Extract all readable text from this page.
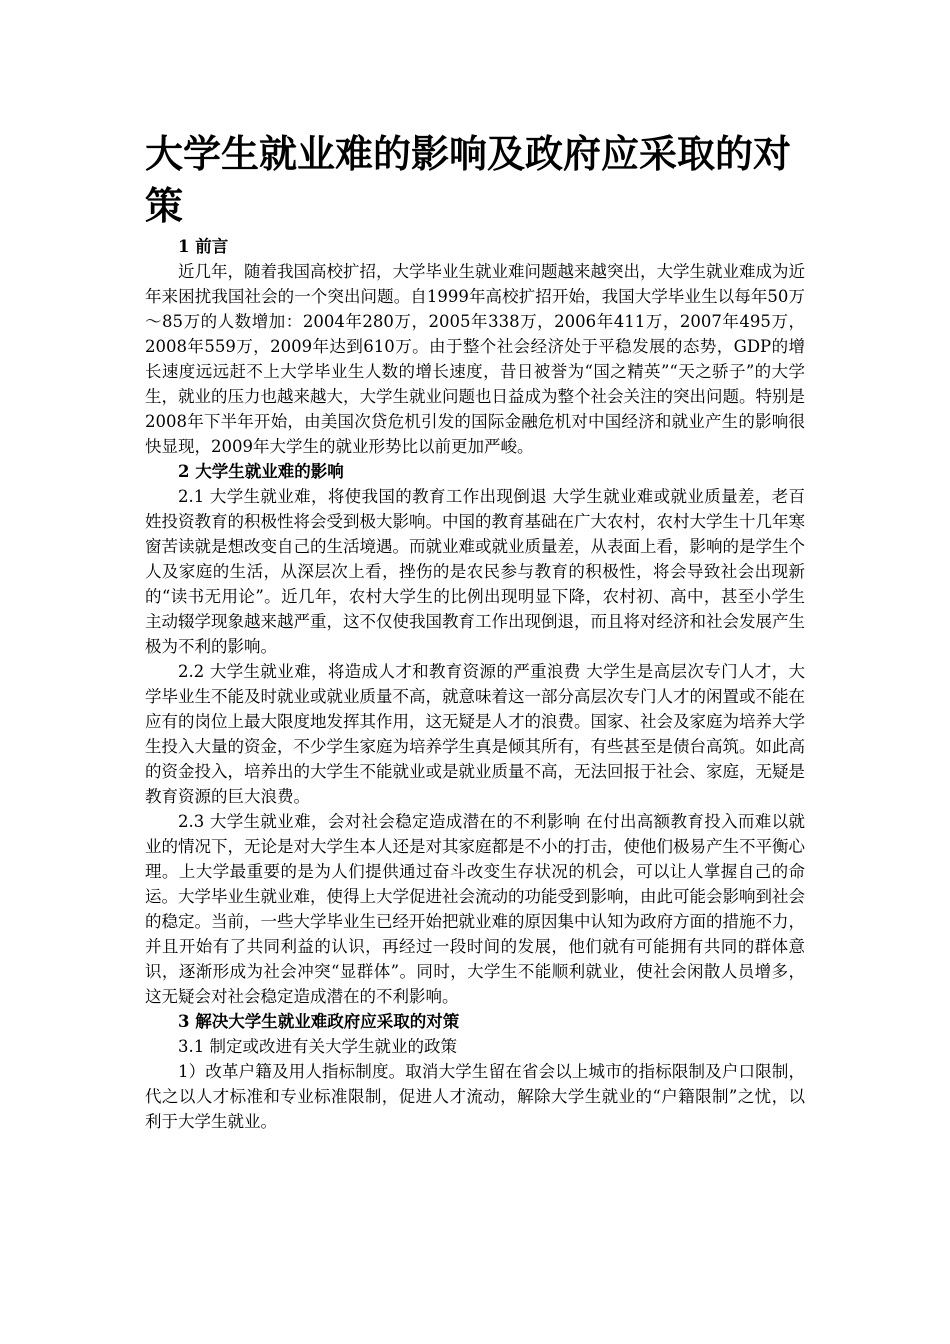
大学生就业难的影响及政府应采取的对策

1 前言

近几年，随着我国高校扩招，大学毕业生就业难问题越来越突出，大学生就业难成为近年来困扰我国社会的一个突出问题。自1999年高校扩招开始，我国大学毕业生以每年50万～85万的人数增加：2004年280万，2005年338万，2006年411万，2007年495万，2008年559万，2009年达到610万。由于整个社会经济处于平稳发展的态势，GDP的增长速度远远赶不上大学毕业生人数的增长速度，昔日被誉为“国之精英”“天之骄子”的大学生，就业的压力也越来越大，大学生就业问题也日益成为整个社会关注的突出问题。特别是2008年下半年开始，由美国次贷危机引发的国际金融危机对中国经济和就业产生的影响很快显现，2009年大学生的就业形势比以前更加严峻。

2 大学生就业难的影响

2.1 大学生就业难，将使我国的教育工作出现倒退 大学生就业难或就业质量差，老百姓投资教育的积极性将会受到极大影响。中国的教育基础在广大农村，农村大学生十几年寒窗苦读就是想改变自己的生活境遇。而就业难或就业质量差，从表面上看，影响的是学生个人及家庭的生活，从深层次上看，挫伤的是农民参与教育的积极性，将会导致社会出现新的“读书无用论”。近几年，农村大学生的比例出现明显下降，农村初、高中，甚至小学生主动辍学现象越来越严重，这不仅使我国教育工作出现倒退，而且将对经济和社会发展产生极为不利的影响。

2.2 大学生就业难，将造成人才和教育资源的严重浪费 大学生是高层次专门人才，大学毕业生不能及时就业或就业质量不高，就意味着这一部分高层次专门人才的闲置或不能在应有的岗位上最大限度地发挥其作用，这无疑是人才的浪费。国家、社会及家庭为培养大学生投入大量的资金，不少学生家庭为培养学生真是倾其所有，有些甚至是债台高筑。如此高的资金投入，培养出的大学生不能就业或是就业质量不高，无法回报于社会、家庭，无疑是教育资源的巨大浪费。

2.3 大学生就业难，会对社会稳定造成潜在的不利影响 在付出高额教育投入而难以就业的情况下，无论是对大学生本人还是对其家庭都是不小的打击，使他们极易产生不平衡心理。上大学最重要的是为人们提供通过奋斗改变生存状况的机会，可以让人掌握自己的命运。大学毕业生就业难，使得上大学促进社会流动的功能受到影响，由此可能会影响到社会的稳定。当前，一些大学毕业生已经开始把就业难的原因集中认知为政府方面的措施不力，并且开始有了共同利益的认识，再经过一段时间的发展，他们就有可能拥有共同的群体意识，逐渐形成为社会冲突“显群体”。同时，大学生不能顺利就业，使社会闲散人员增多，这无疑会对社会稳定造成潜在的不利影响。

3 解决大学生就业难政府应采取的对策

3.1 制定或改进有关大学生就业的政策

1）改革户籍及用人指标制度。取消大学生留在省会以上城市的指标限制及户口限制，代之以人才标准和专业标准限制，促进人才流动，解除大学生就业的“户籍限制”之忧，以利于大学生就业。
